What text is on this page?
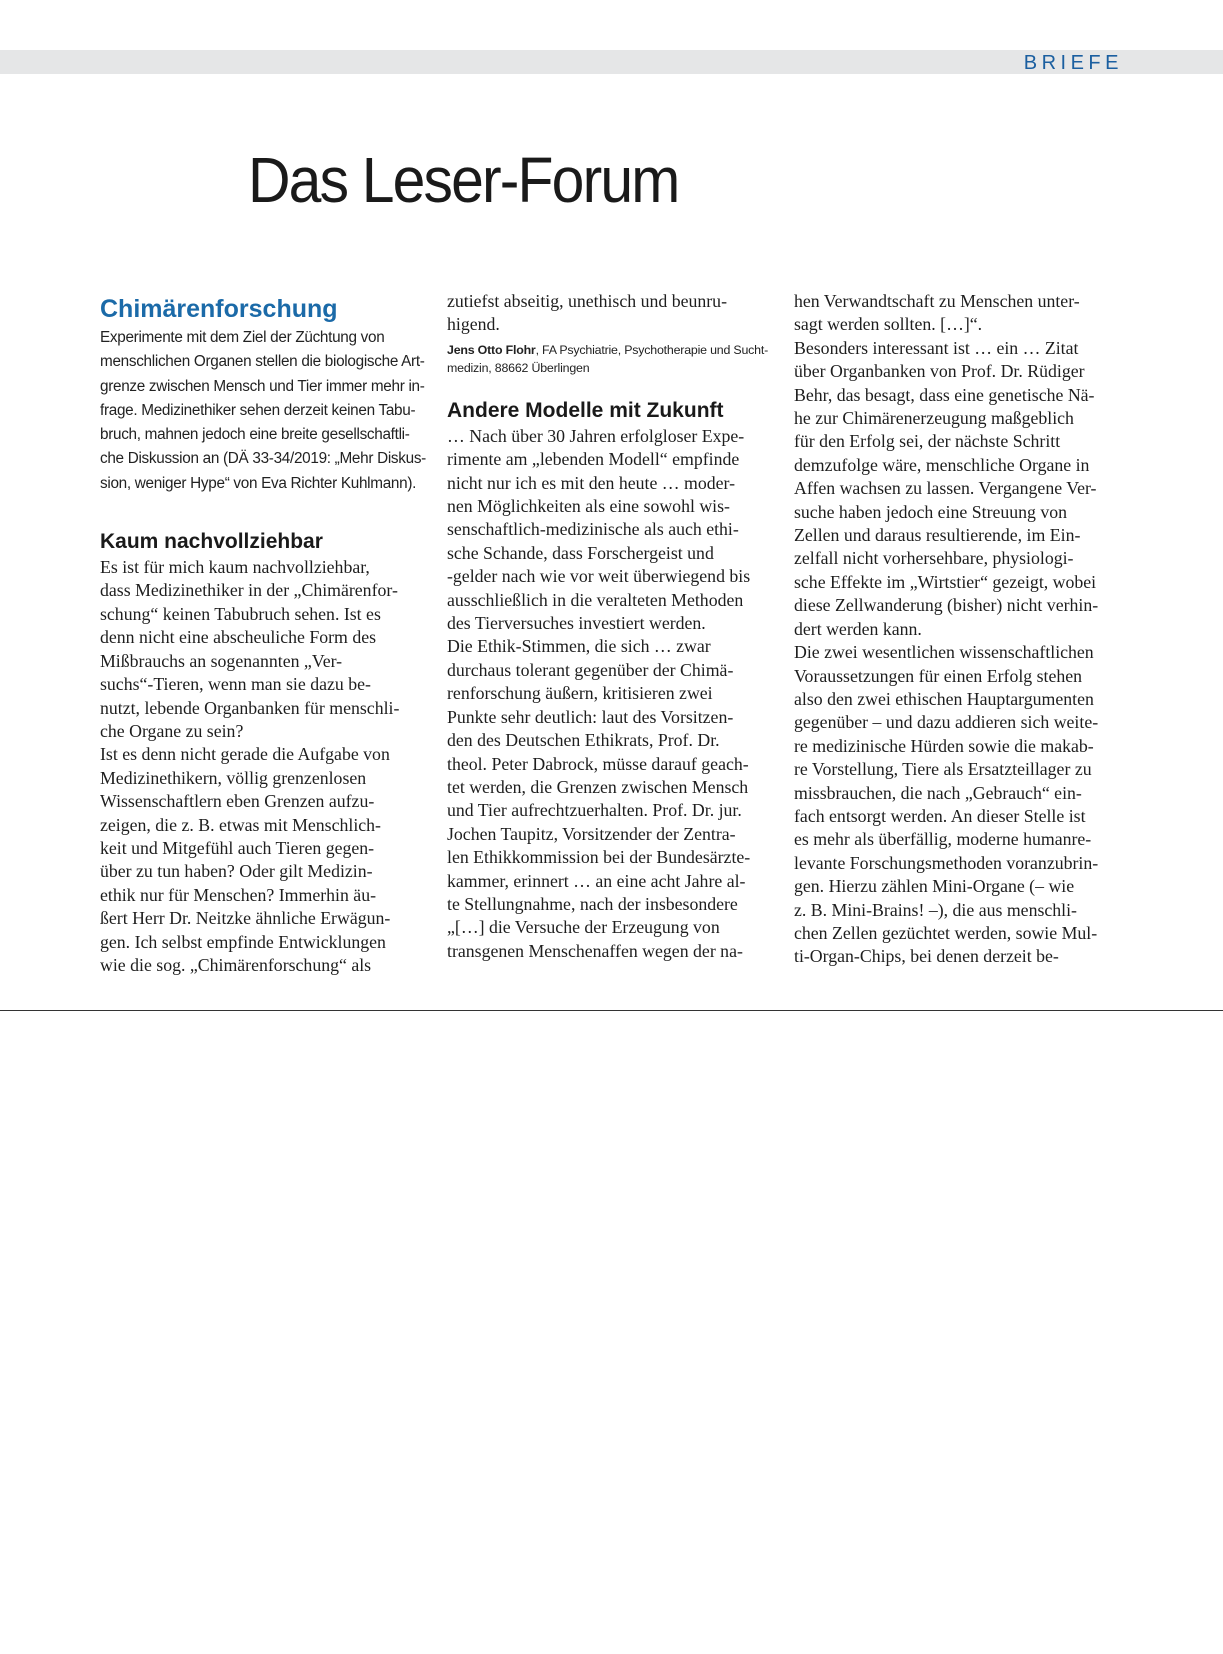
BRIEFE
Das Leser-Forum
Chimärenforschung

Experimente mit dem Ziel der Züchtung von
menschlichen Organen stellen die biologische Art-
grenze zwischen Mensch und Tier immer mehr in-
frage. Medizinethiker sehen derzeit keinen Tabu-
bruch, mahnen jedoch eine breite gesellschaftli-
che Diskussion an (DÄ 33-34/2019: „Mehr Diskus-
sion, weniger Hype“ von Eva Richter Kuhlmann).

Kaum nachvollziehbar

Es ist für mich kaum nachvollziehbar,
dass Medizinethiker in der „Chimärenfor-
schung“ keinen Tabubruch sehen. Ist es
denn nicht eine abscheuliche Form des
Mißbrauchs an sogenannten „Ver-
suchs“-Tieren, wenn man sie dazu be-
nutzt, lebende Organbanken für menschli-
che Organe zu sein?
Ist es denn nicht gerade die Aufgabe von
Medizinethikern, völlig grenzenlosen
Wissenschaftlern eben Grenzen aufzu-
zeigen, die z. B. etwas mit Menschlich-
keit und Mitgefühl auch Tieren gegen-
über zu tun haben? Oder gilt Medizin-
ethik nur für Menschen? Immerhin äu-
ßert Herr Dr. Neitzke ähnliche Erwägun-
gen. Ich selbst empfinde Entwicklungen
wie die sog. „Chimärenforschung“ als

zutiefst abseitig, unethisch und beunru-
higend.

Jens Otto Flohr, FA Psychiatrie, Psychotherapie und Sucht-
medizin, 88662 Überlingen

Andere Modelle mit Zukunft

… Nach über 30 Jahren erfolgloser Expe-
rimente am „lebenden Modell“ empfinde
nicht nur ich es mit den heute … moder-
nen Möglichkeiten als eine sowohl wis-
senschaftlich-medizinische als auch ethi-
sche Schande, dass Forschergeist und
-gelder nach wie vor weit überwiegend bis
ausschließlich in die veralteten Methoden
des Tierversuches investiert werden.
Die Ethik-Stimmen, die sich … zwar
durchaus tolerant gegenüber der Chimä-
renforschung äußern, kritisieren zwei
Punkte sehr deutlich: laut des Vorsitzen-
den des Deutschen Ethikrats, Prof. Dr.
theol. Peter Dabrock, müsse darauf geach-
tet werden, die Grenzen zwischen Mensch
und Tier aufrechtzuerhalten. Prof. Dr. jur.
Jochen Taupitz, Vorsitzender der Zentra-
len Ethikkommission bei der Bundesärzte-
kammer, erinnert … an eine acht Jahre al-
te Stellungnahme, nach der insbesondere
„[…] die Versuche der Erzeugung von
transgenen Menschenaffen wegen der na-

hen Verwandtschaft zu Menschen unter-
sagt werden sollten. […]“.
Besonders interessant ist … ein … Zitat
über Organbanken von Prof. Dr. Rüdiger
Behr, das besagt, dass eine genetische Nä-
he zur Chimärenerzeugung maßgeblich
für den Erfolg sei, der nächste Schritt
demzufolge wäre, menschliche Organe in
Affen wachsen zu lassen. Vergangene Ver-
suche haben jedoch eine Streuung von
Zellen und daraus resultierende, im Ein-
zelfall nicht vorhersehbare, physiologi-
sche Effekte im „Wirtstier“ gezeigt, wobei
diese Zellwanderung (bisher) nicht verhin-
dert werden kann.
Die zwei wesentlichen wissenschaftlichen
Voraussetzungen für einen Erfolg stehen
also den zwei ethischen Hauptargumenten
gegenüber – und dazu addieren sich weite-
re medizinische Hürden sowie die makab-
re Vorstellung, Tiere als Ersatzteillager zu
missbrauchen, die nach „Gebrauch“ ein-
fach entsorgt werden. An dieser Stelle ist
es mehr als überfällig, moderne humanre-
levante Forschungsmethoden voranzubrin-
gen. Hierzu zählen Mini-Organe (– wie
z. B. Mini-Brains! –), die aus menschli-
chen Zellen gezüchtet werden, sowie Mul-
ti-Organ-Chips, bei denen derzeit be-
